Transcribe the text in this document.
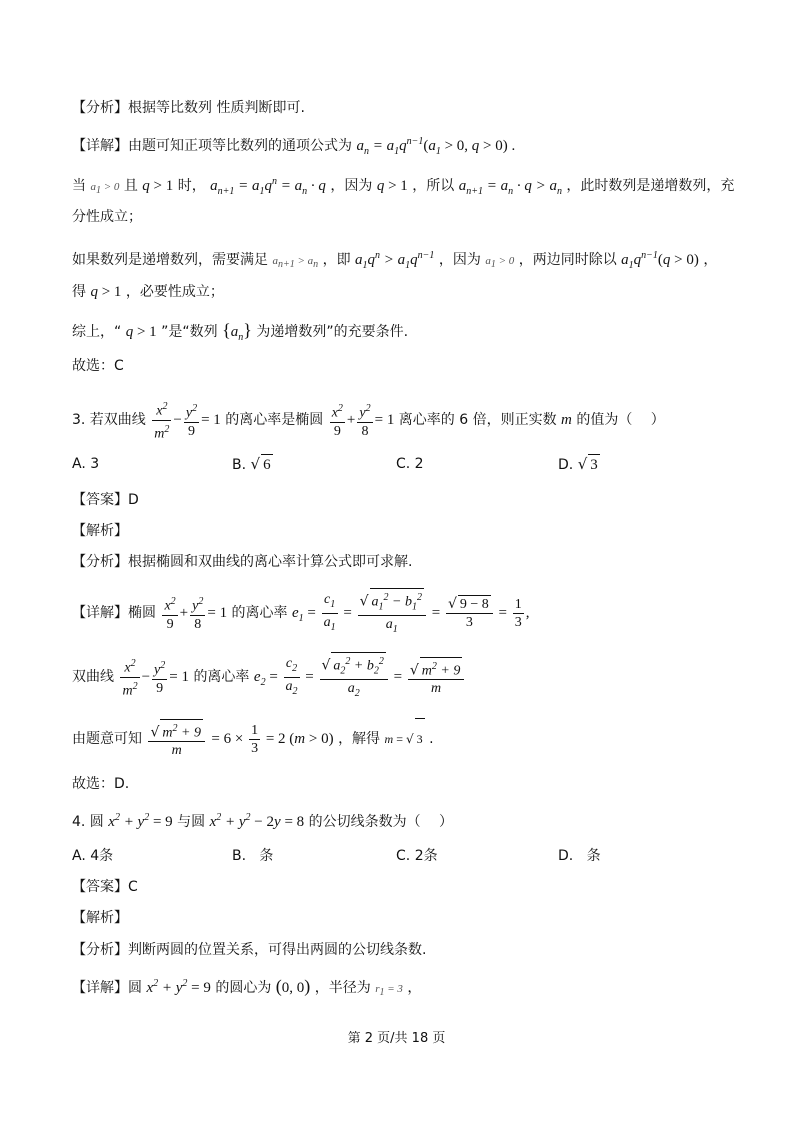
【分析】根据等比数列 性质判断即可.
【详解】由题可知正项等比数列的通项公式为 $a_n = a_1q^{n-1}(a_1 > 0$, q > 0) .
当 $a_1 > 0$ 且 q > 1 时， $a_{n+1} = a_1q^n = a_n \cdot q$ ，因为 q > 1 ，所以 $a_{n+1} = a_n \cdot q > a_n$ ，此时数列是递增数列，充
分性成立；
如果数列是递增数列，需要满足 $a_{n+1} > a_n$ ，即 $a_1q^n > a_1q^{n-1}$ ，因为 $a_1 > 0$ ，两边同时除以 $a_1q^{n-1}(q > 0)$ ，
得 q > 1 ，必要性成立；
综上，“ q > 1 ”是“数列 $\{a_n\}$ 为递增数列”的充要条件.
故选：C
3. 若双曲线 $\frac{x^2}{m^2} - \frac{y^2}{9} = 1$ 的离心率是椭圆 $\frac{x^2}{9} + \frac{y^2}{8} = 1$ 离心率的 6 倍，则正实数 m 的值为（　 ）
A. 3	B. √ 6	C. 2	D. √ 3
【答案】D
【解析】
【分析】根据椭圆和双曲线的离心率计算公式即可求解.
【详解】椭圆 $\frac{x^2}{9} + \frac{y^2}{8} = 1$ 的离心率 $e_1 = \frac{c_1}{a_1} = \frac{√ a_1^2 - b_1^2}{a_1} = \frac{√ 9 - 8}{3} = \frac{1}{3}$ ,
双曲线 $\frac{x^2}{m^2} - \frac{y^2}{9} = 1$ 的离心率 $e_2 = \frac{c_2}{a_2} = \frac{√ a_2^2 + b_2^2}{a_2} = \frac{√ m^2 + 9}{m}$
由题意可知 $\frac{√ m^2 + 9}{m} = 6 \times \frac{1}{3} = 2$ (m > 0) ，解得 m = √ 3 .
故选：D.
4. 圆 $x^2 + y^2 = 9$ 与圆 $x^2 + y^2 - 2y = 8$ 的公切线条数为（　 ）
A. 4条	B. 条	C. 2条	D. 条
【答案】C
【解析】
【分析】判断两圆的位置关系，可得出两圆的公切线条数.
【详解】圆 $x^2 + y^2 = 9$ 的圆心为 (0, 0) ，半径为 $r_1 = 3$ ，
第 2 页/共 18 页
